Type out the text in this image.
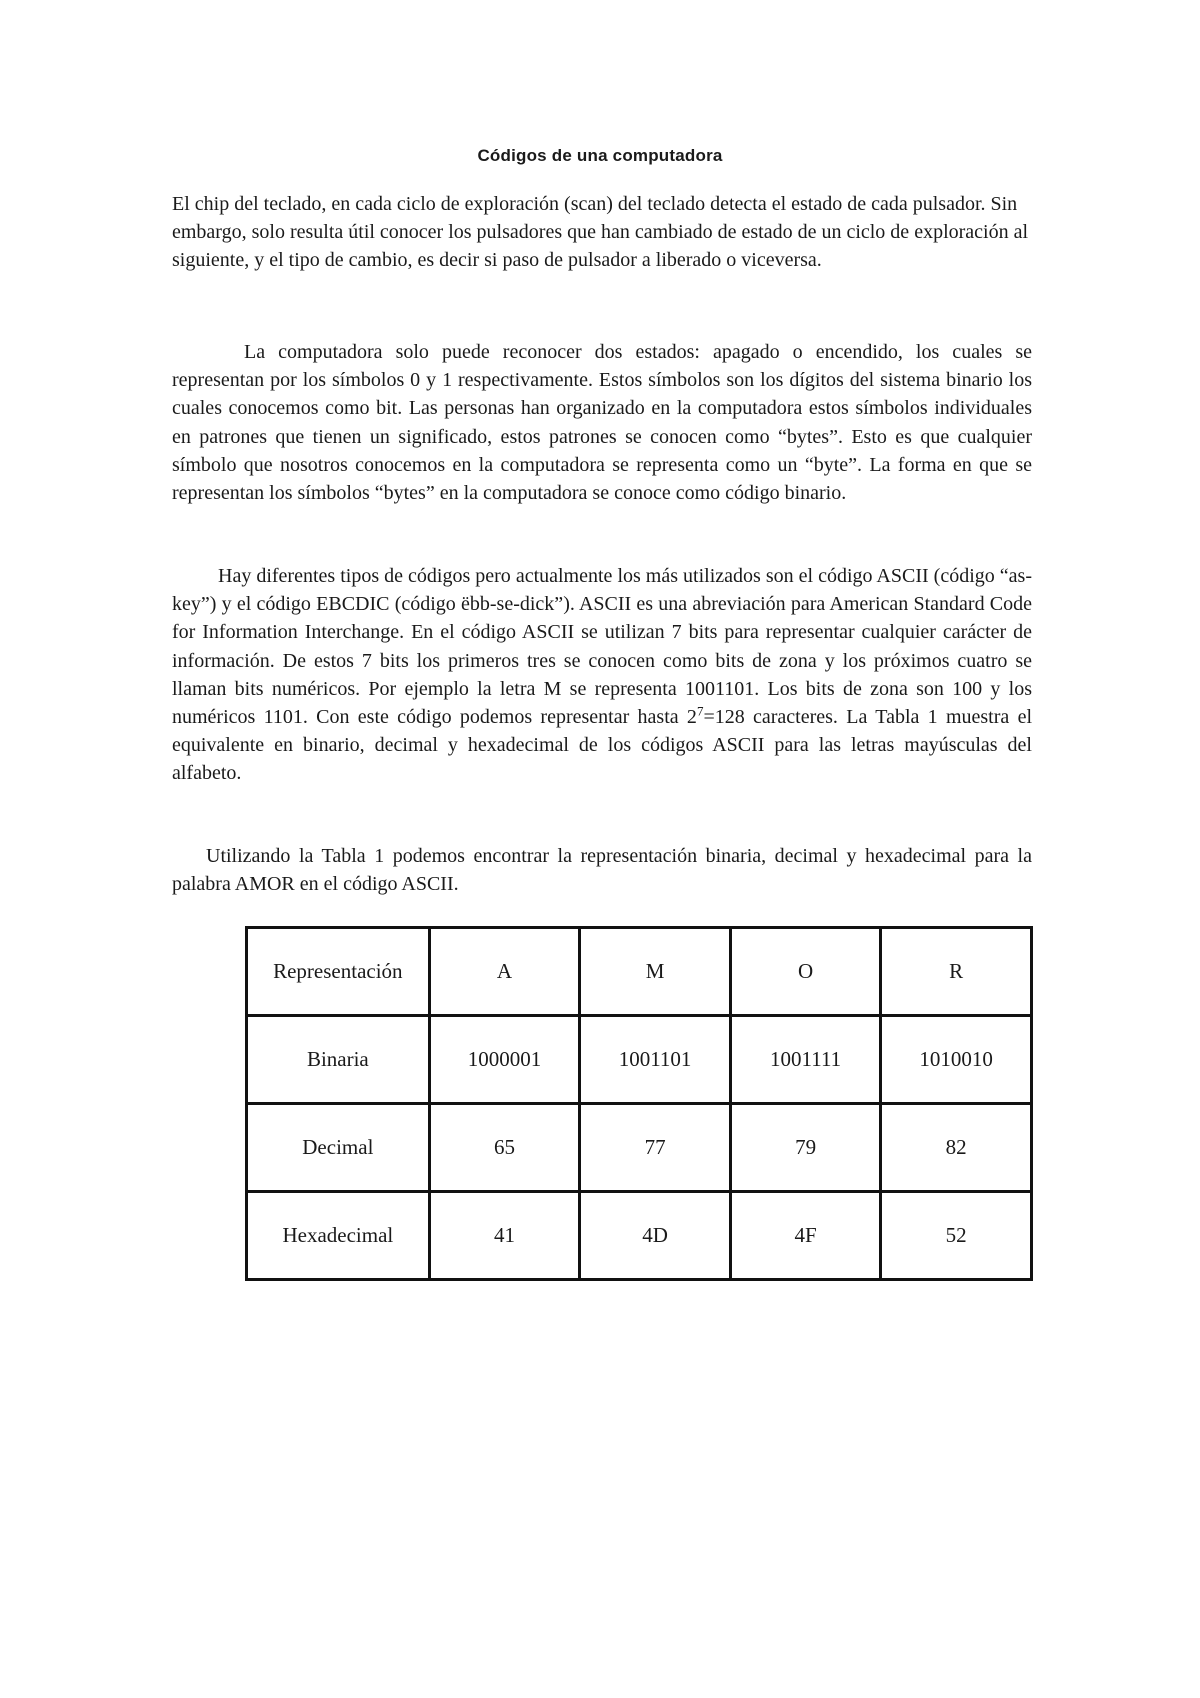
Códigos de una computadora

El chip del teclado, en cada ciclo de exploración (scan) del teclado detecta el estado de cada pulsador. Sin embargo, solo resulta útil conocer los pulsadores que han cambiado de estado de un ciclo de exploración al siguiente, y el tipo de cambio, es decir si paso de pulsador a liberado o viceversa.

La computadora solo puede reconocer dos estados: apagado o encendido, los cuales se representan por los símbolos 0 y 1 respectivamente. Estos símbolos son los dígitos del sistema binario los cuales conocemos como bit. Las personas han organizado en la computadora estos símbolos individuales en patrones que tienen un significado, estos patrones se conocen como “bytes”. Esto es que cualquier símbolo que nosotros conocemos en la computadora se representa como un “byte”. La forma en que se representan los símbolos “bytes” en la computadora se conoce como código binario.

Hay diferentes tipos de códigos pero actualmente los más utilizados son el código ASCII (código “as-key”) y el código EBCDIC (código ëbb-se-dick”). ASCII es una abreviación para American Standard Code for Information Interchange. En el código ASCII se utilizan 7 bits para representar cualquier carácter de información. De estos 7 bits los primeros tres se conocen como bits de zona y los próximos cuatro se llaman bits numéricos. Por ejemplo la letra M se representa 1001101. Los bits de zona son 100 y los numéricos 1101. Con este código podemos representar hasta $2^7=128$ caracteres. La Tabla 1 muestra el equivalente en binario, decimal y hexadecimal de los códigos ASCII para las letras mayúsculas del alfabeto.

Utilizando la Tabla 1 podemos encontrar la representación binaria, decimal y hexadecimal para la palabra AMOR en el código ASCII.

Representación	A	M	O	R
Binaria	1000001	1001101	1001111	1010010
Decimal	65	77	79	82
Hexadecimal	41	4D	4F	52
